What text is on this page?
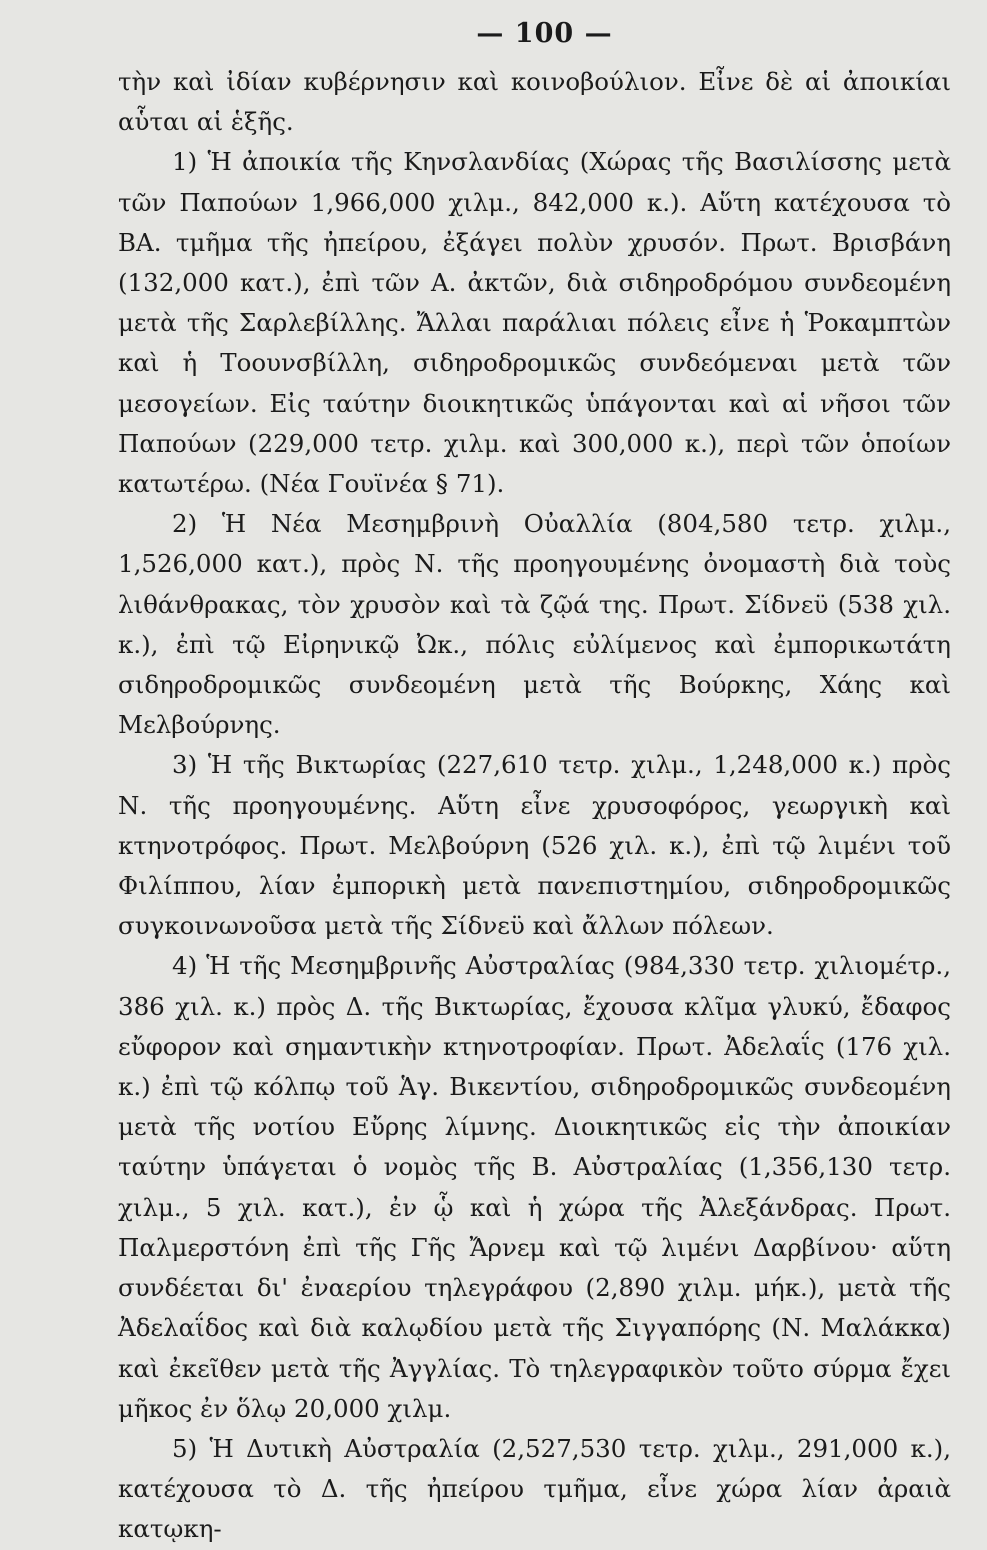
— 100 —

τὴν καὶ ἰδίαν κυβέρνησιν καὶ κοινοβούλιον. Εἶνε δὲ αἱ ἀποικίαι αὗται αἱ ἑξῆς.

1) Ἡ ἀποικία τῆς Κηνσλανδίας (Χώρας τῆς Βασιλίσσης μετὰ τῶν Παπούων 1,966,000 χιλμ., 842,000 κ.). Αὕτη κατέχουσα τὸ ΒΑ. τμῆμα τῆς ἠπείρου, ἐξάγει πολὺν χρυσόν. Πρωτ. Βρισβάνη (132,000 κατ.), ἐπὶ τῶν Α. ἀκτῶν, διὰ σιδηροδρόμου συνδεομένη μετὰ τῆς Σαρλεβίλλης. Ἄλλαι παράλιαι πόλεις εἶνε ἡ Ῥοκαμπτὼν καὶ ἡ Τοουνσβίλλη, σιδηροδρομικῶς συνδεόμεναι μετὰ τῶν μεσογείων. Εἰς ταύτην διοικητικῶς ὑπάγονται καὶ αἱ νῆσοι τῶν Παπούων (229,000 τετρ. χιλμ. καὶ 300,000 κ.), περὶ τῶν ὁποίων κατωτέρω. (Νέα Γουϊνέα § 71).

2) Ἡ Νέα Μεσημβρινὴ Οὐαλλία (804,580 τετρ. χιλμ., 1,526,000 κατ.), πρὸς Ν. τῆς προηγουμένης ὀνομαστὴ διὰ τοὺς λιθάνθρακας, τὸν χρυσὸν καὶ τὰ ζῷά της. Πρωτ. Σίδνεϋ (538 χιλ. κ.), ἐπὶ τῷ Εἰρηνικῷ Ὠκ., πόλις εὐλίμενος καὶ ἐμπορικωτάτη σιδηροδρομικῶς συνδεομένη μετὰ τῆς Βούρκης, Χάης καὶ Μελβούρνης.

3) Ἡ τῆς Βικτωρίας (227,610 τετρ. χιλμ., 1,248,000 κ.) πρὸς Ν. τῆς προηγουμένης. Αὕτη εἶνε χρυσοφόρος, γεωργικὴ καὶ κτηνοτρόφος. Πρωτ. Μελβούρνη (526 χιλ. κ.), ἐπὶ τῷ λιμένι τοῦ Φιλίππου, λίαν ἐμπορικὴ μετὰ πανεπιστημίου, σιδηροδρομικῶς συγκοινωνοῦσα μετὰ τῆς Σίδνεϋ καὶ ἄλλων πόλεων.

4) Ἡ τῆς Μεσημβρινῆς Αὐστραλίας (984,330 τετρ. χιλιομέτρ., 386 χιλ. κ.) πρὸς Δ. τῆς Βικτωρίας, ἔχουσα κλῖμα γλυκύ, ἔδαφος εὔφορον καὶ σημαντικὴν κτηνοτροφίαν. Πρωτ. Ἀδελαΐς (176 χιλ. κ.) ἐπὶ τῷ κόλπῳ τοῦ Ἁγ. Βικεντίου, σιδηροδρομικῶς συνδεομένη μετὰ τῆς νοτίου Εὔρης λίμνης. Διοικητικῶς εἰς τὴν ἀποικίαν ταύτην ὑπάγεται ὁ νομὸς τῆς Β. Αὐστραλίας (1,356,130 τετρ. χιλμ., 5 χιλ. κατ.), ἐν ᾧ καὶ ἡ χώρα τῆς Ἀλεξάνδρας. Πρωτ. Παλμερστόνη ἐπὶ τῆς Γῆς Ἄρνεμ καὶ τῷ λιμένι Δαρβίνου· αὕτη συνδέεται δι' ἐναερίου τηλεγράφου (2,890 χιλμ. μήκ.), μετὰ τῆς Ἀδελαΐδος καὶ διὰ καλῳδίου μετὰ τῆς Σιγγαπόρης (Ν. Μαλάκκα) καὶ ἐκεῖθεν μετὰ τῆς Ἀγγλίας. Τὸ τηλεγραφικὸν τοῦτο σύρμα ἔχει μῆκος ἐν ὅλῳ 20,000 χιλμ.

5) Ἡ Δυτικὴ Αὐστραλία (2,527,530 τετρ. χιλμ., 291,000 κ.), κατέχουσα τὸ Δ. τῆς ἠπείρου τμῆμα, εἶνε χώρα λίαν ἀραιὰ κατῳκη-
